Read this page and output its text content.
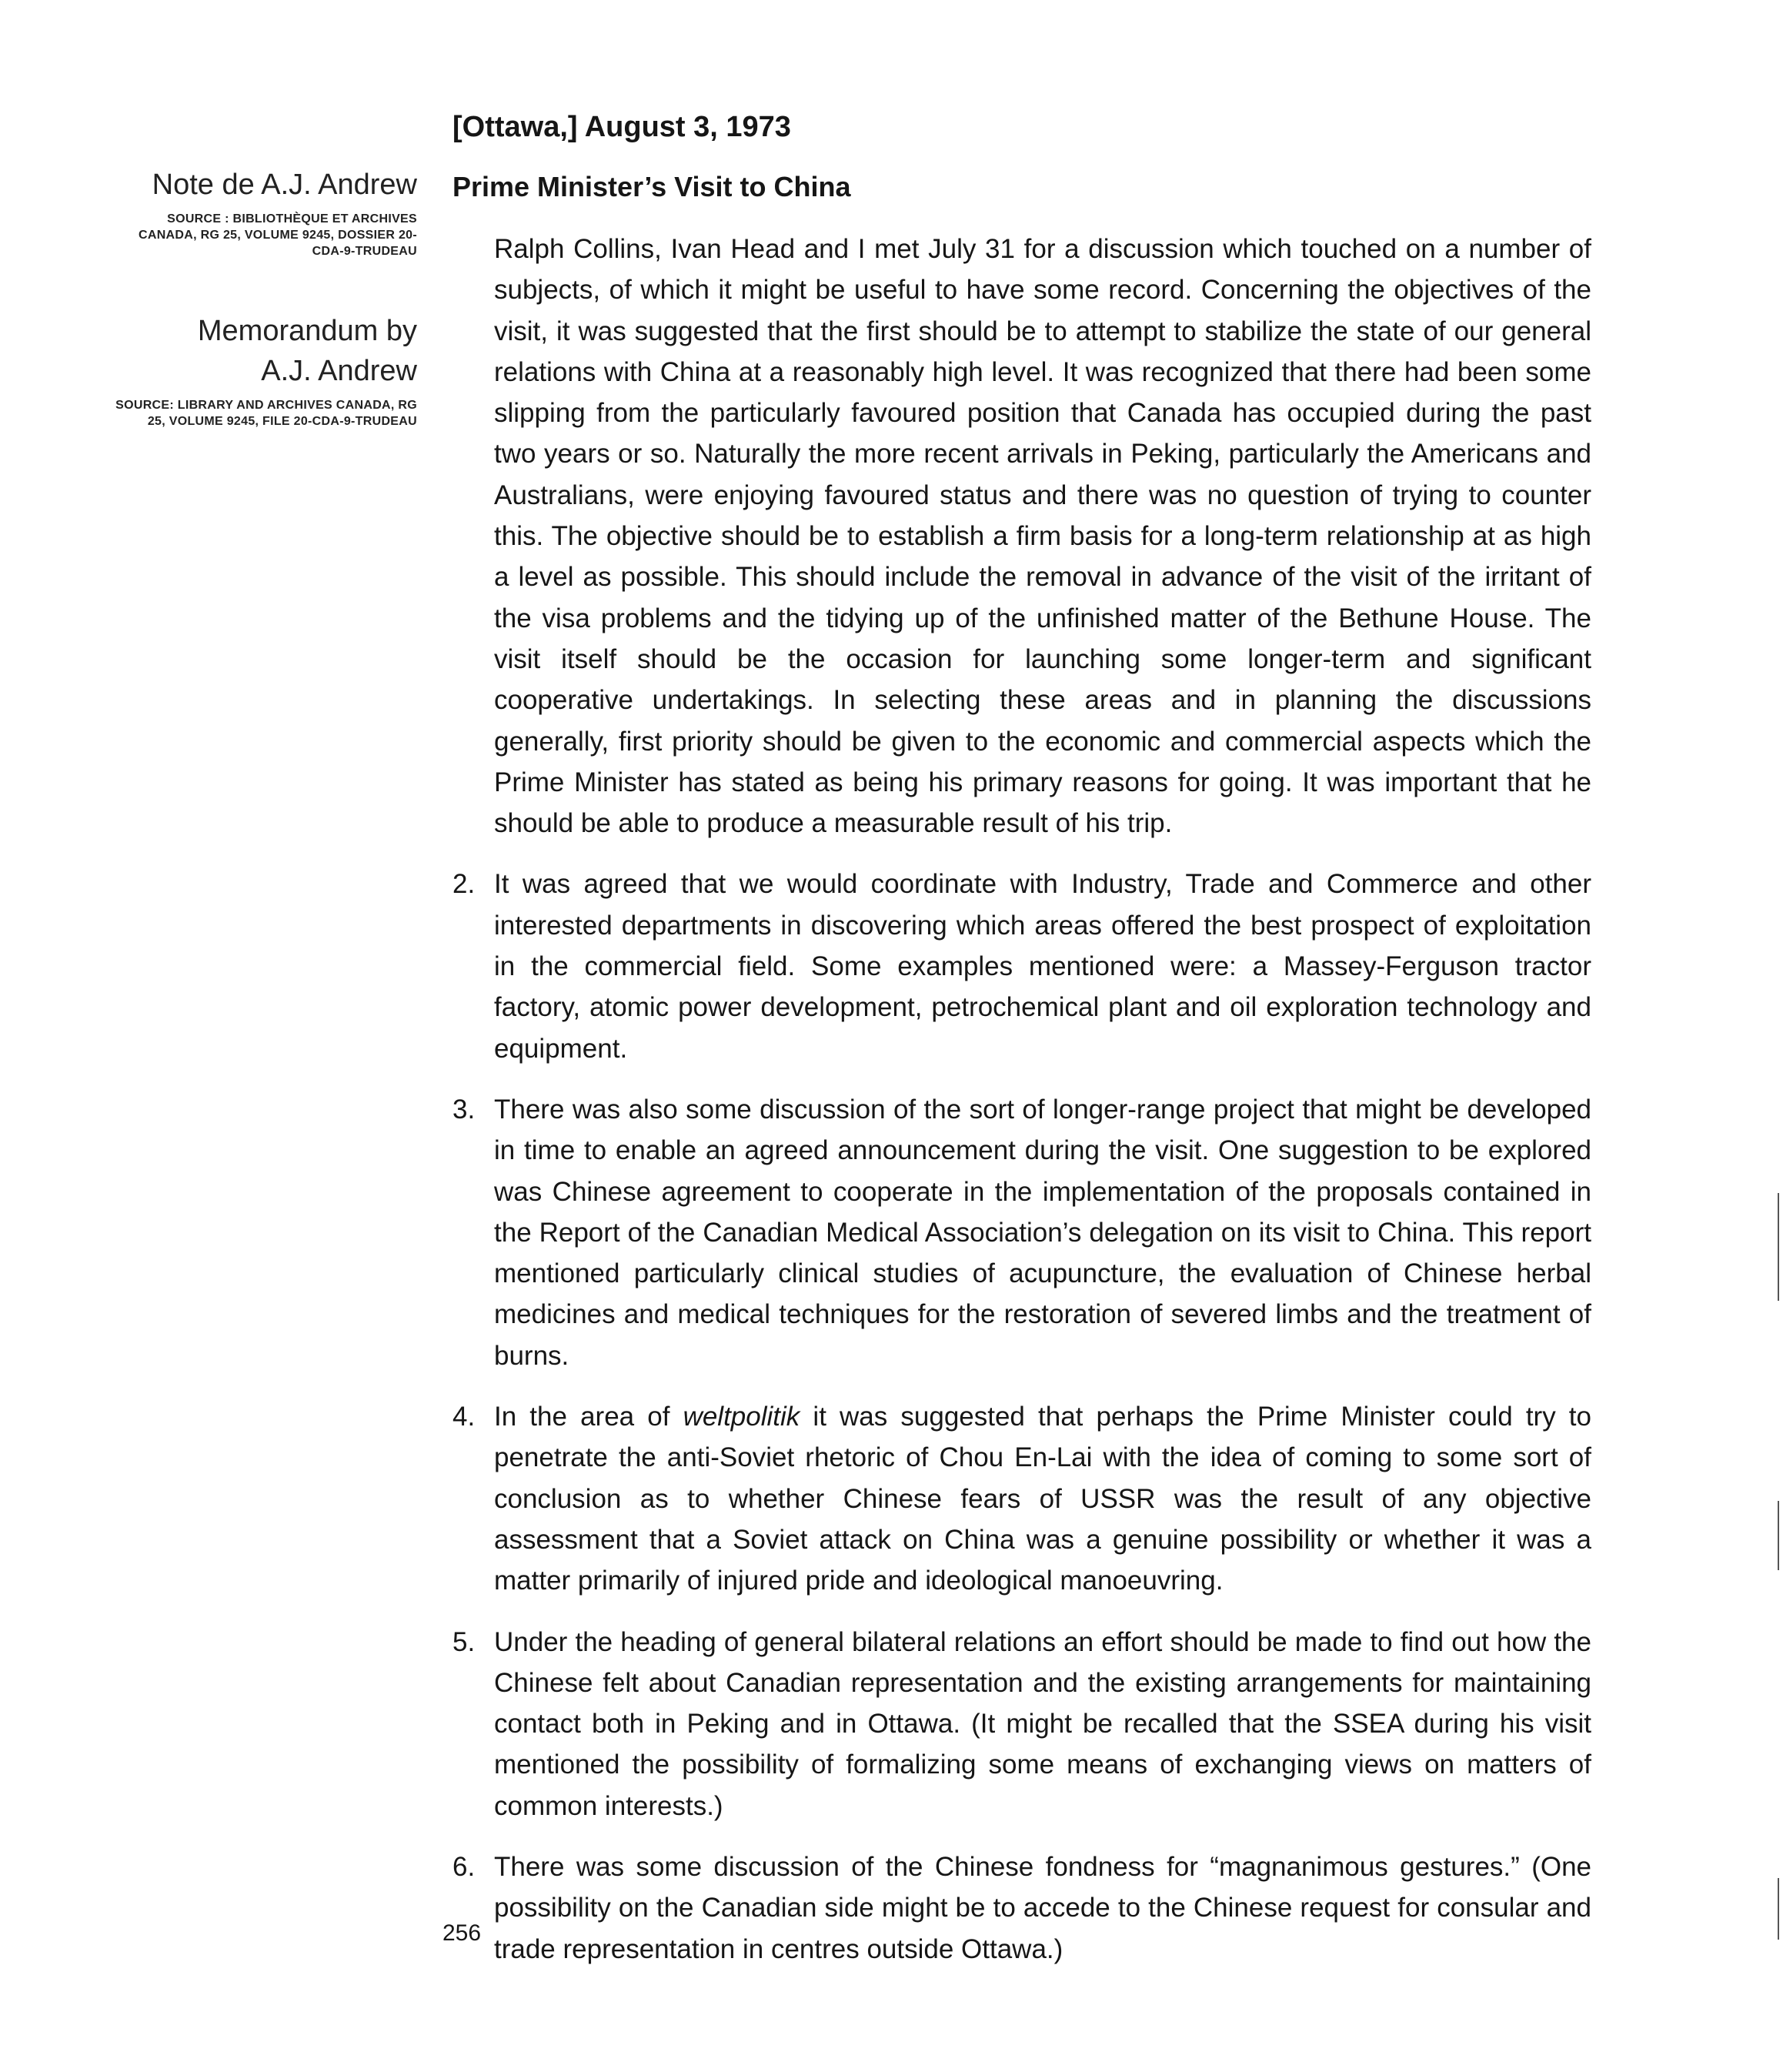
Note de A.J. Andrew
SOURCE : BIBLIOTHÈQUE ET ARCHIVES CANADA, RG 25, VOLUME 9245, DOSSIER 20-CDA-9-TRUDEAU
Memorandum by
A.J. Andrew
SOURCE: LIBRARY AND ARCHIVES CANADA, RG 25, VOLUME 9245, FILE 20-CDA-9-TRUDEAU
[Ottawa,] August 3, 1973
Prime Minister’s Visit to China

Ralph Collins, Ivan Head and I met July 31 for a discussion which touched on a number of subjects, of which it might be useful to have some record. Concerning the objectives of the visit, it was suggested that the first should be to attempt to stabilize the state of our general relations with China at a reasonably high level. It was recognized that there had been some slipping from the particularly favoured position that Canada has occupied during the past two years or so. Naturally the more recent arrivals in Peking, particularly the Americans and Australians, were enjoying favoured status and there was no question of trying to counter this. The objective should be to establish a firm basis for a long-term relationship at as high a level as possible. This should include the removal in advance of the visit of the irritant of the visa problems and the tidying up of the unfinished matter of the Bethune House. The visit itself should be the occasion for launching some longer-term and significant cooperative undertakings. In selecting these areas and in planning the discussions generally, first priority should be given to the economic and commercial aspects which the Prime Minister has stated as being his primary reasons for going. It was important that he should be able to produce a measurable result of his trip.

2. It was agreed that we would coordinate with Industry, Trade and Commerce and other interested departments in discovering which areas offered the best prospect of exploitation in the commercial field. Some examples mentioned were: a Massey-Ferguson tractor factory, atomic power development, petrochemical plant and oil exploration technology and equipment.
3. There was also some discussion of the sort of longer-range project that might be developed in time to enable an agreed announcement during the visit. One suggestion to be explored was Chinese agreement to cooperate in the implementation of the proposals contained in the Report of the Canadian Medical Association’s delegation on its visit to China. This report mentioned particularly clinical studies of acupuncture, the evaluation of Chinese herbal medicines and medical techniques for the restoration of severed limbs and the treatment of burns.
4. In the area of weltpolitik it was suggested that perhaps the Prime Minister could try to penetrate the anti-Soviet rhetoric of Chou En-Lai with the idea of coming to some sort of conclusion as to whether Chinese fears of USSR was the result of any objective assessment that a Soviet attack on China was a genuine possibility or whether it was a matter primarily of injured pride and ideological manoeuvring.
5. Under the heading of general bilateral relations an effort should be made to find out how the Chinese felt about Canadian representation and the existing arrangements for maintaining contact both in Peking and in Ottawa. (It might be recalled that the SSEA during his visit mentioned the possibility of formalizing some means of exchanging views on matters of common interests.)
6. There was some discussion of the Chinese fondness for “magnanimous gestures.” (One possibility on the Canadian side might be to accede to the Chinese request for consular and trade representation in centres outside Ottawa.)
256
